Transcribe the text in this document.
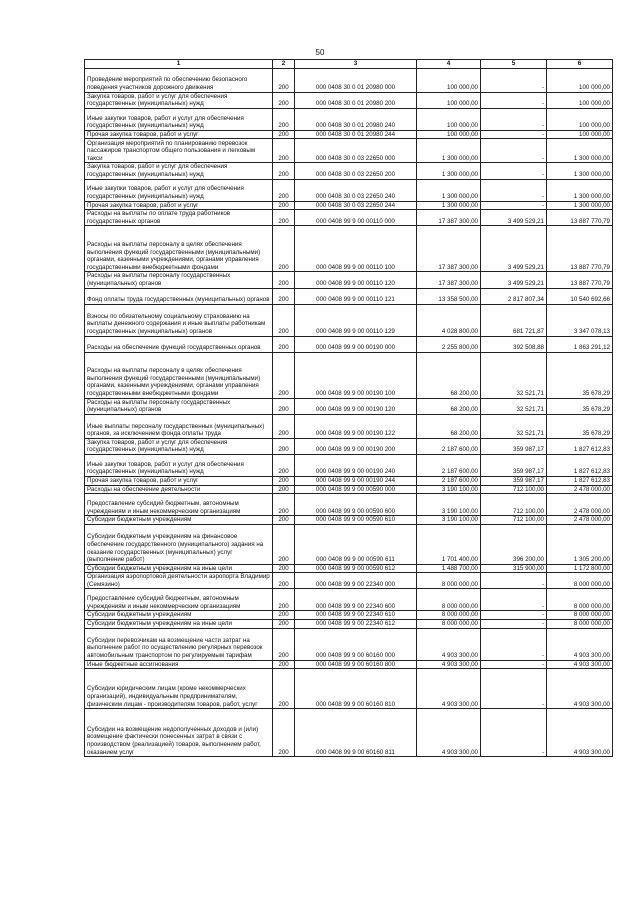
50
1	2	3	4	5	6
Проведение мероприятий по обеспечению безопасного поведения участников дорожного движения	200	000 0408 30 0 01 20980 000	100 000,00	-	100 000,00
Закупка товаров, работ и услуг для обеспечения государственных (муниципальных) нужд	200	000 0408 30 0 01 20980 200	100 000,00	-	100 000,00
Иные закупки товаров, работ и услуг для обеспечения государственных (муниципальных) нужд	200	000 0408 30 0 01 20980 240	100 000,00	-	100 000,00
Прочая закупка товаров, работ и услуг	200	000 0408 30 0 01 20980 244	100 000,00	-	100 000,00
Организация мероприятий по планированию перевозок пассажиров транспортом общего пользования и легковым такси	200	000 0408 30 0 03 22650 000	1 300 000,00	-	1 300 000,00
Закупка товаров, работ и услуг для обеспечения государственных (муниципальных) нужд	200	000 0408 30 0 03 22650 200	1 300 000,00	-	1 300 000,00
Иные закупки товаров, работ и услуг для обеспечения государственных (муниципальных) нужд	200	000 0408 30 0 03 22650 240	1 300 000,00	-	1 300 000,00
Прочая закупка товаров, работ и услуг	200	000 0408 30 0 03 22650 244	1 300 000,00	-	1 300 000,00
Расходы на выплаты по оплате труда работников государственных органов	200	000 0408 99 9 00 00110 000	17 387 300,00	3 499 529,21	13 887 770,79
Расходы на выплаты персоналу в целях обеспечения выполнения функций государственными (муниципальными) органами, казенными учреждениями, органами управления государственными внебюджетными фондами	200	000 0408 99 9 00 00110 100	17 387 300,00	3 499 529,21	13 887 770,79
Расходы на выплаты персоналу государственных (муниципальных) органов	200	000 0408 99 9 00 00110 120	17 387 300,00	3 499 529,21	13 887 770,79
Фонд оплаты труда государственных (муниципальных) органов	200	000 0408 99 9 00 00110 121	13 358 500,00	2 817 807,34	10 540 692,66
Взносы по обязательному социальному страхованию на выплаты денежного содержания и иные выплаты работникам государственных (муниципальных) органов	200	000 0408 99 9 00 00110 129	4 028 800,00	681 721,87	3 347 078,13
Расходы на обеспечение функций государственных органов	200	000 0408 99 9 00 00190 000	2 255 800,00	392 508,88	1 863 291,12
Расходы на выплаты персоналу в целях обеспечения выполнения функций государственными (муниципальными) органами, казенными учреждениями, органами управления государственными внебюджетными фондами	200	000 0408 99 9 00 00190 100	68 200,00	32 521,71	35 678,29
Расходы на выплаты персоналу государственных (муниципальных) органов	200	000 0408 99 9 00 00190 120	68 200,00	32 521,71	35 678,29
Иные выплаты персоналу государственных (муниципальных) органов, за исключением фонда оплаты труда	200	000 0408 99 9 00 00190 122	68 200,00	32 521,71	35 678,29
Закупка товаров, работ и услуг для обеспечения государственных (муниципальных) нужд	200	000 0408 99 9 00 00190 200	2 187 600,00	359 987,17	1 827 612,83
Иные закупки товаров, работ и услуг для обеспечения государственных (муниципальных) нужд	200	000 0408 99 9 00 00190 240	2 187 600,00	359 987,17	1 827 612,83
Прочая закупка товаров, работ и услуг	200	000 0408 99 9 00 00190 244	2 187 600,00	359 987,17	1 827 612,83
Расходы на обеспечение деятельности	200	000 0408 99 9 00 00590 000	3 190 100,00	712 100,00	2 478 000,00
Предоставление субсидий бюджетным, автономным учреждениям и иным некоммерческим организациям	200	000 0408 99 9 00 00590 600	3 190 100,00	712 100,00	2 478 000,00
Субсидии бюджетным учреждениям	200	000 0408 99 9 00 00590 610	3 190 100,00	712 100,00	2 478 000,00
Субсидии бюджетным учреждениям на финансовое обеспечение государственного (муниципального) задания на оказание государственных (муниципальных) услуг (выполнение работ)	200	000 0408 99 9 00 00590 611	1 701 400,00	396 200,00	1 305 200,00
Субсидии бюджетным учреждениям на иные цели	200	000 0408 99 9 00 00590 612	1 488 700,00	315 900,00	1 172 800,00
Организация аэропортовой деятельности аэропорта Владимир (Семязино)	200	000 0408 99 9 00 22340 000	8 000 000,00	-	8 000 000,00
Предоставление субсидий бюджетным, автономным учреждениям и иным некоммерческим организациям	200	000 0408 99 9 00 22340 600	8 000 000,00	-	8 000 000,00
Субсидии бюджетным учреждениям	200	000 0408 99 9 00 22340 610	8 000 000,00	-	8 000 000,00
Субсидии бюджетным учреждениям на иные цели	200	000 0408 99 9 00 22340 612	8 000 000,00	-	8 000 000,00
Субсидии перевозчикам на возмещение части затрат на выполнение работ по осуществлению регулярных перевозок автомобильным транспортом по регулируемым тарифам	200	000 0408 99 9 00 60160 000	4 903 300,00	-	4 903 300,00
Иные бюджетные ассигнования	200	000 0408 99 9 00 60160 800	4 903 300,00	-	4 903 300,00
Субсидии юридическим лицам (кроме некоммерческих организаций), индивидуальным предпринимателям, физическим лицам - производителям товаров, работ, услуг	200	000 0408 99 9 00 60160 810	4 903 300,00	-	4 903 300,00
Субсидии на возмещение недополученных доходов и (или) возмещение фактически понесенных затрат в связи с производством (реализацией) товаров, выполнением работ, оказанием услуг	200	000 0408 99 9 00 60160 811	4 903 300,00	-	4 903 300,00
